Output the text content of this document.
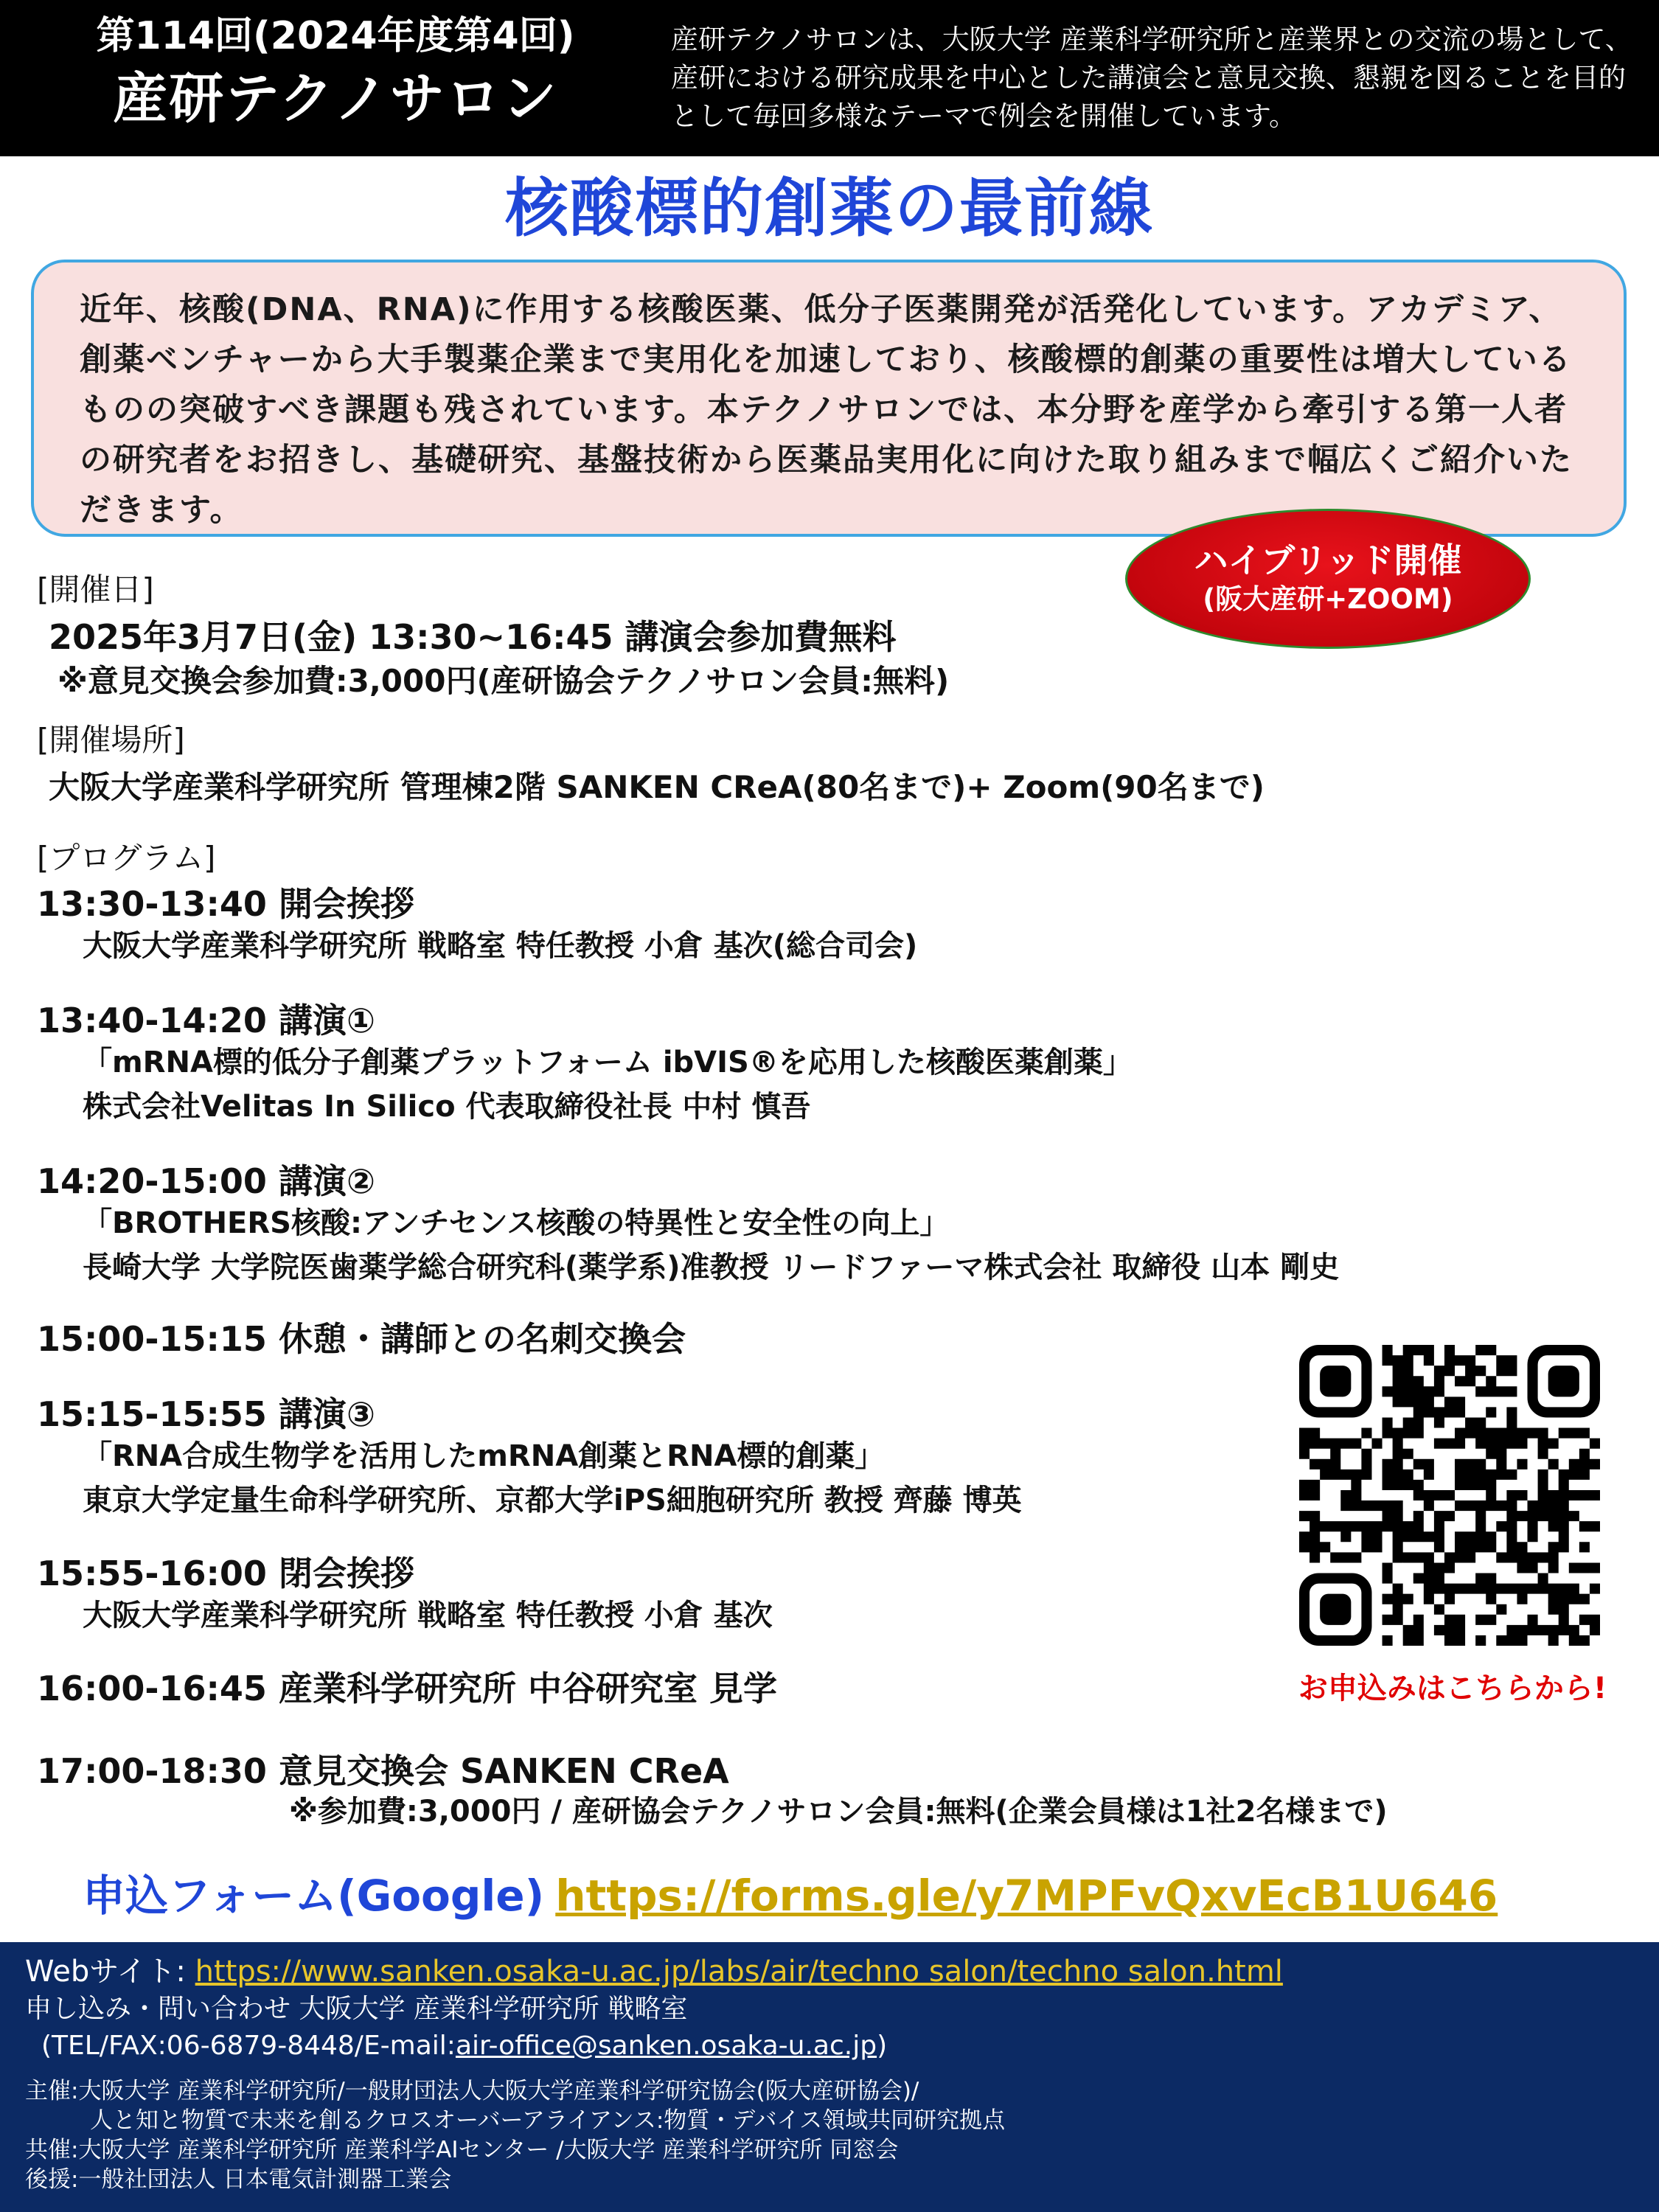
第114回(2024年度第4回)
産研テクノサロン
産研テクノサロンは、大阪大学 産業科学研究所と産業界との交流の場として、産研における研究成果を中心とした講演会と意見交換、懇親を図ることを目的として毎回多様なテーマで例会を開催しています。
核酸標的創薬の最前線
近年、核酸(DNA、RNA)に作用する核酸医薬、低分子医薬開発が活発化しています。アカデミア、創薬ベンチャーから大手製薬企業まで実用化を加速しており、核酸標的創薬の重要性は増大しているものの突破すべき課題も残されています。本テクノサロンでは、本分野を産学から牽引する第一人者の研究者をお招きし、基礎研究、基盤技術から医薬品実用化に向けた取り組みまで幅広くご紹介いただきます。
ハイブリッド開催
(阪大産研+ZOOM)
[開催日]
2025年3月7日(金) 13:30~16:45 講演会参加費無料
※意見交換会参加費:3,000円(産研協会テクノサロン会員:無料)
[開催場所]
大阪大学産業科学研究所 管理棟2階 SANKEN CReA(80名まで)+ Zoom(90名まで)
[プログラム]
13:30-13:40 開会挨拶
大阪大学産業科学研究所 戦略室 特任教授 小倉 基次(総合司会)
13:40-14:20 講演①
「mRNA標的低分子創薬プラットフォーム ibVIS®を応用した核酸医薬創薬」
株式会社Velitas In Silico 代表取締役社長 中村 慎吾
14:20-15:00 講演②
「BROTHERS核酸:アンチセンス核酸の特異性と安全性の向上」
長崎大学 大学院医歯薬学総合研究科(薬学系)准教授 リードファーマ株式会社 取締役 山本 剛史
15:00-15:15 休憩・講師との名刺交換会
15:15-15:55 講演③
「RNA合成生物学を活用したmRNA創薬とRNA標的創薬」
東京大学定量生命科学研究所、京都大学iPS細胞研究所 教授 齊藤 博英
15:55-16:00 閉会挨拶
大阪大学産業科学研究所 戦略室 特任教授 小倉 基次
16:00-16:45 産業科学研究所 中谷研究室 見学
17:00-18:30 意見交換会 SANKEN CReA
※参加費:3,000円 / 産研協会テクノサロン会員:無料(企業会員様は1社2名様まで)
お申込みはこちらから!
申込フォーム(Google) https://forms.gle/y7MPFvQxvEcB1U646
Webサイト: https://www.sanken.osaka-u.ac.jp/labs/air/techno salon/techno salon.html
申し込み・問い合わせ 大阪大学 産業科学研究所 戦略室
(TEL/FAX:06-6879-8448/E-mail:air-office@sanken.osaka-u.ac.jp)
主催:大阪大学 産業科学研究所/一般財団法人大阪大学産業科学研究協会(阪大産研協会)/
人と知と物質で未来を創るクロスオーバーアライアンス:物質・デバイス領域共同研究拠点
共催:大阪大学 産業科学研究所 産業科学AIセンター /大阪大学 産業科学研究所 同窓会
後援:一般社団法人 日本電気計測器工業会
